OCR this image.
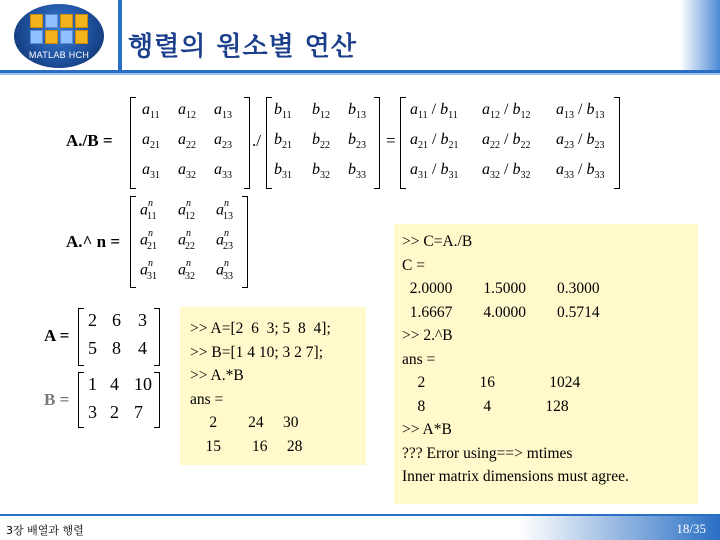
MATLAB HCH	행렬의 원소별 연산
A./B =
$a_{11}$ $a_{12}$ $a_{13}$
$a_{21}$ $a_{22}$ $a_{23}$
$a_{31}$ $a_{32}$ $a_{33}$
./
$b_{11}$ $b_{12}$ $b_{13}$
$b_{21}$ $b_{22}$ $b_{23}$
$b_{31}$ $b_{32}$ $b_{33}$
=
$a_{11} / b_{11}$ $a_{12} / b_{12}$ $a_{13} / b_{13}$
$a_{21} / b_{21}$ $a_{22} / b_{22}$ $a_{23} / b_{23}$
$a_{31} / b_{31}$ $a_{32} / b_{32}$ $a_{33} / b_{33}$
A.^ n =
$a^n_{11}$ $a^n_{12}$ $a^n_{13}$
$a^n_{21}$ $a^n_{22}$ $a^n_{23}$
$a^n_{31}$ $a^n_{32}$ $a^n_{33}$
A =
2 6 3
5 8 4
B =
1 4 10
3 2 7
>> A=[2  6  3; 5  8  4];
>> B=[1 4 10; 3 2 7];
>> A.*B
ans =
2        24     30
15        16     28
>> C=A./B
C =
2.0000        1.5000        0.3000
1.6667        4.0000        0.5714
>> 2.^B
ans =
2              16              1024
8               4              128
>> A*B
??? Error using==> mtimes
Inner matrix dimensions must agree.
3장 배열과 행렬	18/35
